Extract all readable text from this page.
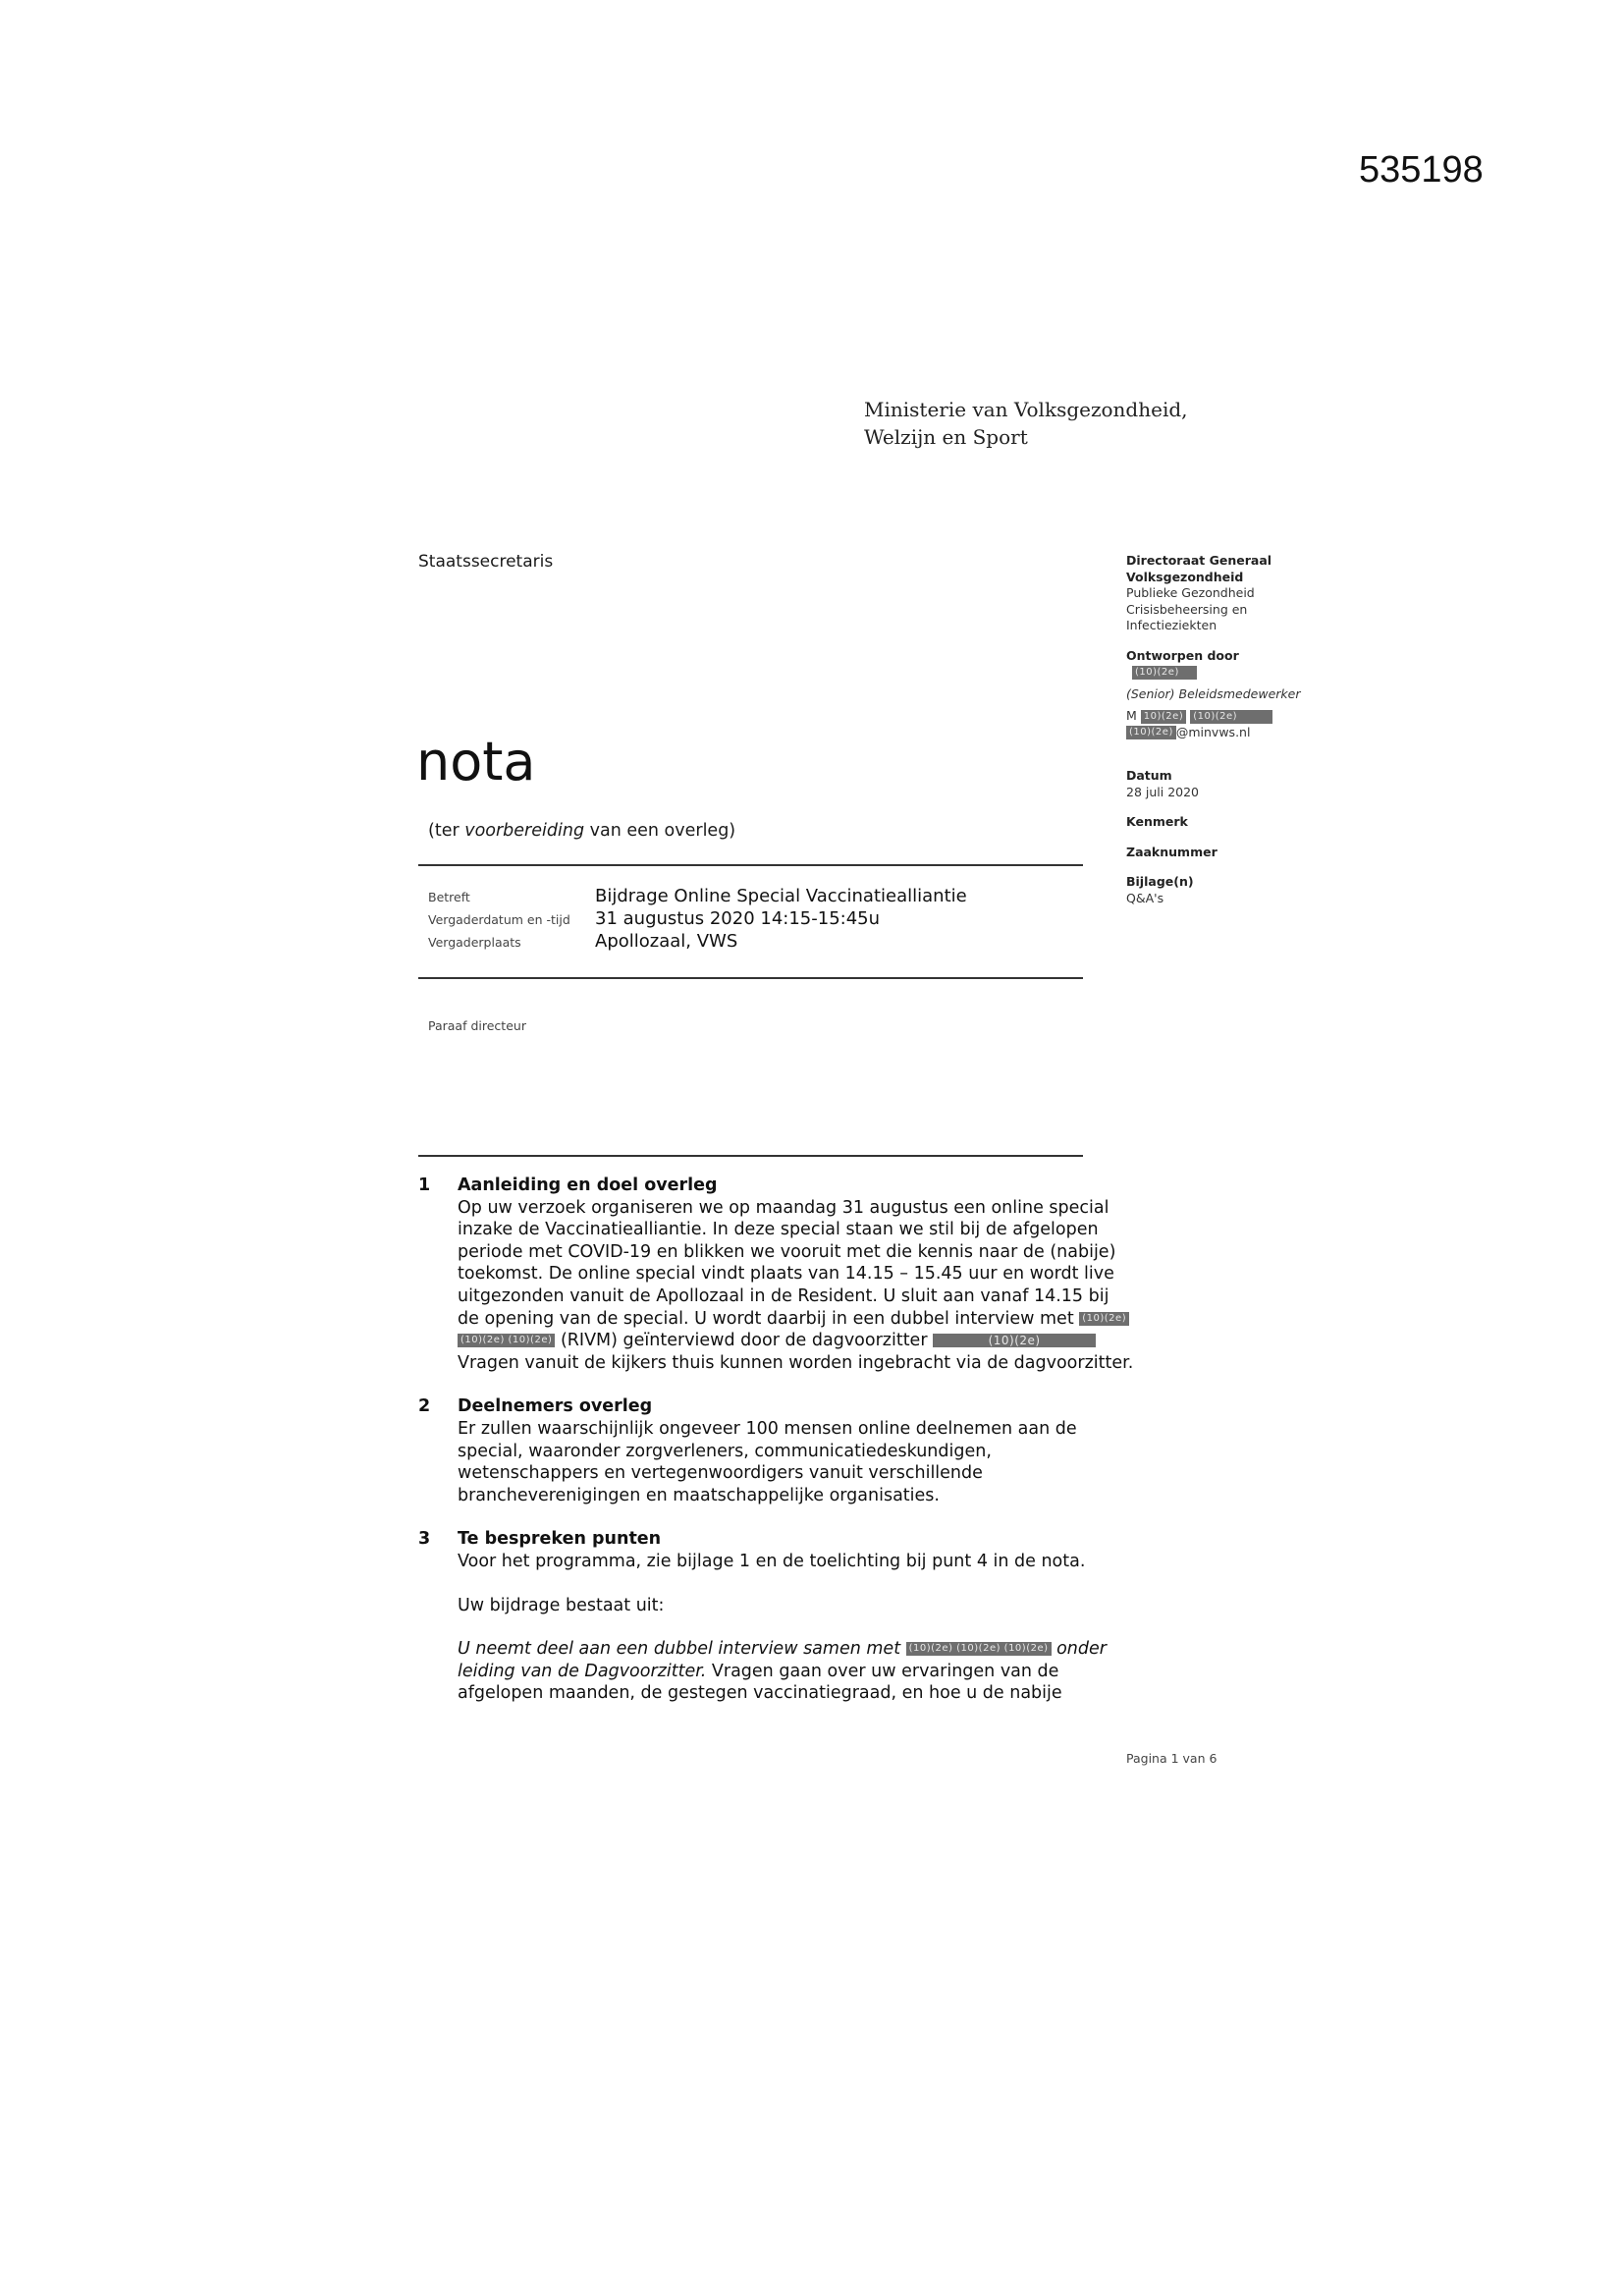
535198
Ministerie van Volksgezondheid,
Welzijn en Sport
Staatssecretaris	Directoraat Generaal
Volksgezondheid
Publieke Gezondheid
Crisisbeheersing en
Infectieziekten
Ontworpen door
(10)(2e)
(Senior) Beleidsmedewerker
M 10)(2e) (10)(2e)
(10)(2e) @minvws.nl
Datum
28 juli 2020
Kenmerk
Zaaknummer
Bijlage(n)
Q&A's
nota
(ter voorbereiding van een overleg)
Betreft	Bijdrage Online Special Vaccinatiealliantie
Vergaderdatum en -tijd	31 augustus 2020 14:15-15:45u
Vergaderplaats	Apollozaal, VWS
Paraaf directeur
1	Aanleiding en doel overleg
Op uw verzoek organiseren we op maandag 31 augustus een online special inzake de Vaccinatiealliantie. In deze special staan we stil bij de afgelopen periode met COVID-19 en blikken we vooruit met die kennis naar de (nabije) toekomst. De online special vindt plaats van 14.15 – 15.45 uur en wordt live uitgezonden vanuit de Apollozaal in de Resident. U sluit aan vanaf 14.15 bij de opening van de special. U wordt daarbij in een dubbel interview met (10)(2e) (10)(2e) (10)(2e) (RIVM) geïnterviewd door de dagvoorzitter	(10)(2e) Vragen vanuit de kijkers thuis kunnen worden ingebracht via de dagvoorzitter.
2	Deelnemers overleg
Er zullen waarschijnlijk ongeveer 100 mensen online deelnemen aan de special, waaronder zorgverleners, communicatiedeskundigen, wetenschappers en vertegenwoordigers vanuit verschillende brancheverenigingen en maatschappelijke organisaties.
3	Te bespreken punten

Voor het programma, zie bijlage 1 en de toelichting bij punt 4 in de nota.

Uw bijdrage bestaat uit:

U neemt deel aan een dubbel interview samen met (10)(2e) (10)(2e) (10)(2e) onder leiding van de Dagvoorzitter. Vragen gaan over uw ervaringen van de afgelopen maanden, de gestegen vaccinatiegraad, en hoe u de nabije

Pagina 1 van 6
